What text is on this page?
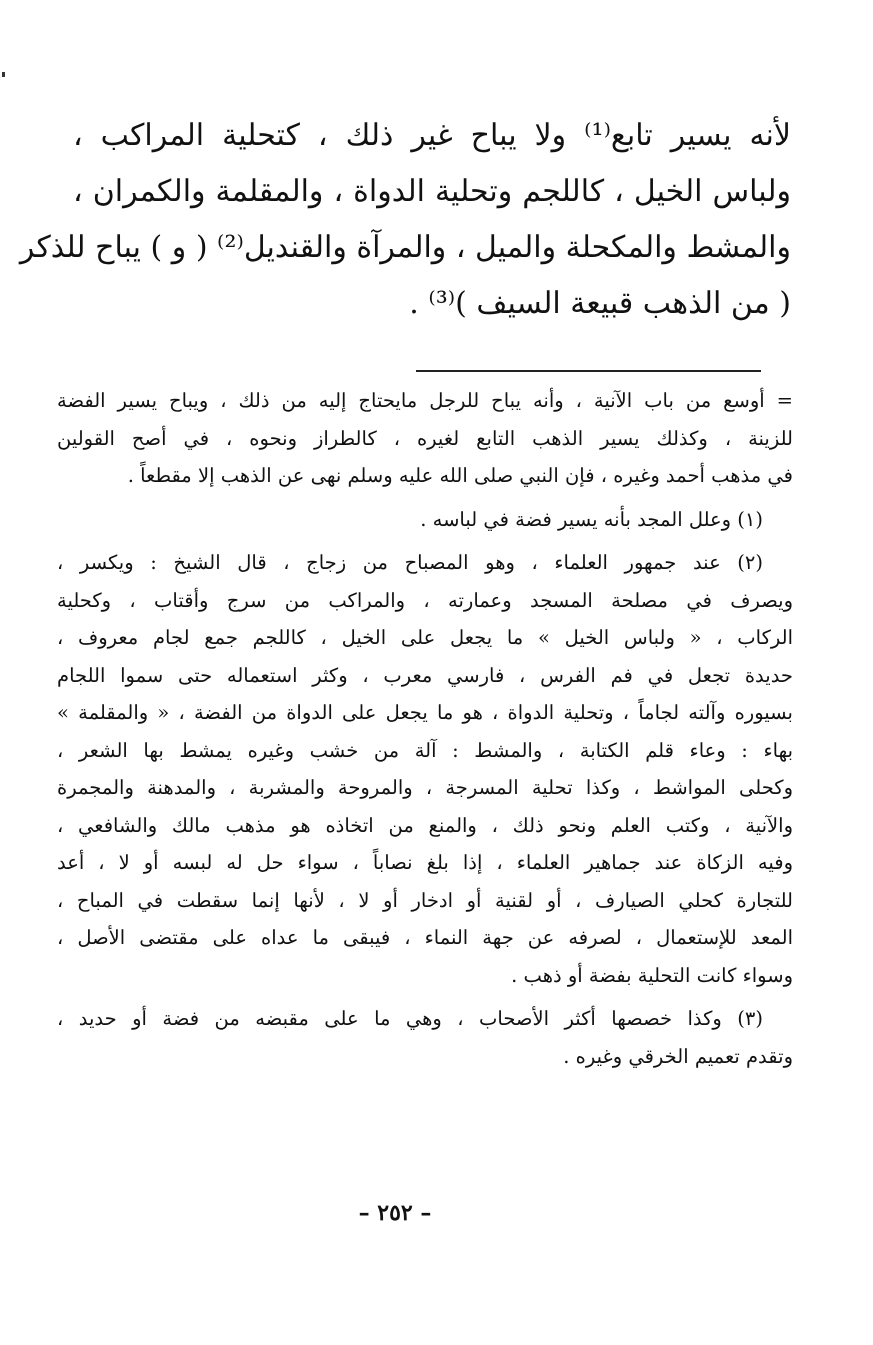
لأنه يسير تابع⁽¹⁾ ولا يباح غير ذلك ، كتحلية المراكب ،
ولباس الخيل ، كاللجم وتحلية الدواة ، والمقلمة والكمران ،
والمشط والمكحلة والميل ، والمرآة والقنديل⁽²⁾ ( و ) يباح للذكر
( من الذهب قبيعة السيف )⁽³⁾ .
= أوسع من باب الآنية ، وأنه يباح للرجل مايحتاج إليه من ذلك ، ويباح يسير الفضة
للزينة ، وكذلك يسير الذهب التابع لغيره ، كالطراز ونحوه ، في أصح القولين
في مذهب أحمد وغيره ، فإن النبي صلى الله عليه وسلم نهى عن الذهب إلا مقطعاً .
(١) وعلل المجد بأنه يسير فضة في لباسه .
(٢) عند جمهور العلماء ، وهو المصباح من زجاج ، قال الشيخ : ويكسر ،
ويصرف في مصلحة المسجد وعمارته ، والمراكب من سرج وأقتاب ، وكحلية
الركاب ، « ولباس الخيل » ما يجعل على الخيل ، كاللجم جمع لجام معروف ،
حديدة تجعل في فم الفرس ، فارسي معرب ، وكثر استعماله حتى سموا اللجام
بسيوره وآلته لجاماً ، وتحلية الدواة ، هو ما يجعل على الدواة من الفضة ، « والمقلمة »
بهاء : وعاء قلم الكتابة ، والمشط : آلة من خشب وغيره يمشط بها الشعر ،
وكحلى المواشط ، وكذا تحلية المسرجة ، والمروحة والمشربة ، والمدهنة والمجمرة
والآنية ، وكتب العلم ونحو ذلك ، والمنع من اتخاذه هو مذهب مالك والشافعي ،
وفيه الزكاة عند جماهير العلماء ، إذا بلغ نصاباً ، سواء حل له لبسه أو لا ، أعد
للتجارة كحلي الصيارف ، أو لقنية أو ادخار أو لا ، لأنها إنما سقطت في المباح ،
المعد للإستعمال ، لصرفه عن جهة النماء ، فيبقى ما عداه على مقتضى الأصل ،
وسواء كانت التحلية بفضة أو ذهب .
(٣) وكذا خصصها أكثر الأصحاب ، وهي ما على مقبضه من فضة أو حديد ،
وتقدم تعميم الخرقي وغيره .
– ٢٥٢ –
